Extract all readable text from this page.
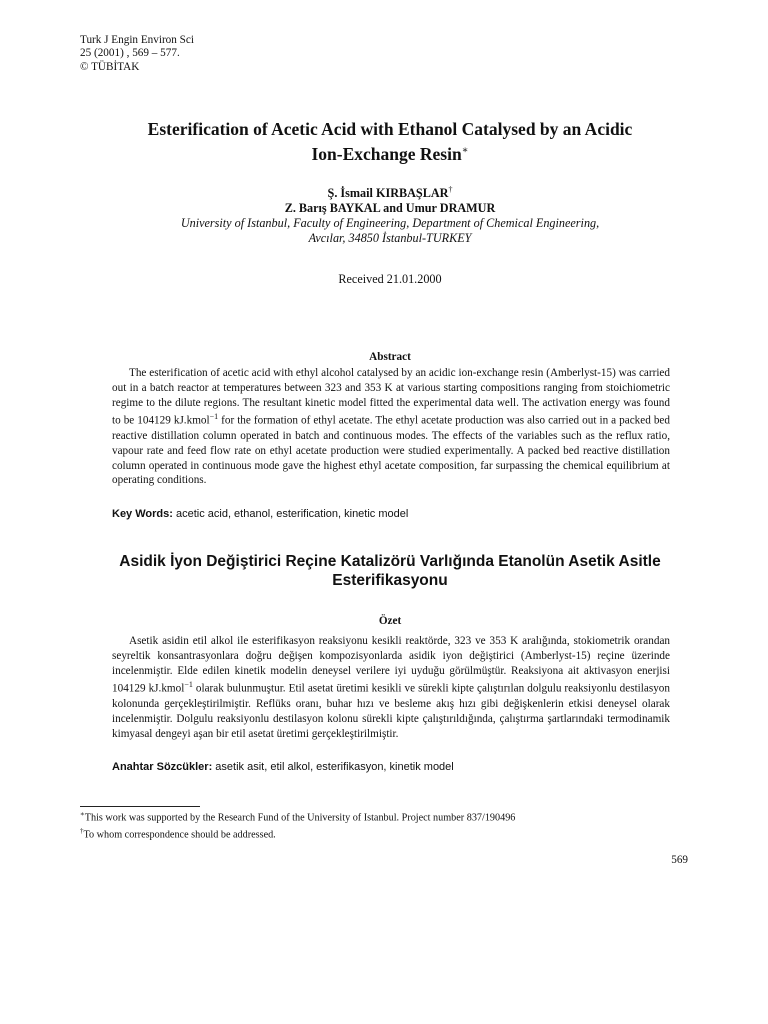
Turk J Engin Environ Sci
25 (2001) , 569 – 577.
© TÜBİTAK
Esterification of Acetic Acid with Ethanol Catalysed by an Acidic
Ion-Exchange Resin∗
Ş. İsmail KIRBAŞLAR†
Z. Barış BAYKAL and Umur DRAMUR
University of Istanbul, Faculty of Engineering, Department of Chemical Engineering,
Avcılar, 34850 İstanbul-TURKEY
Received 21.01.2000
Abstract

The esterification of acetic acid with ethyl alcohol catalysed by an acidic ion-exchange resin (Amberlyst-15) was carried out in a batch reactor at temperatures between 323 and 353 K at various starting compositions ranging from stoichiometric regime to the dilute regions. The resultant kinetic model fitted the experimental data well. The activation energy was found to be 104129 kJ.kmol$^{-1}$ for the formation of ethyl acetate. The ethyl acetate production was also carried out in a packed bed reactive distillation column operated in batch and continuous modes. The effects of the variables such as the reflux ratio, vapour rate and feed flow rate on ethyl acetate production were studied experimentally. A packed bed reactive distillation column operated in continuous mode gave the highest ethyl acetate composition, far surpassing the chemical equilibrium at operating conditions.

Key Words: acetic acid, ethanol, esterification, kinetic model
Asidik İyon Değiştirici Reçine Katalizörü Varlığında Etanolün Asetik Asitle Esterifikasyonu
Özet

Asetik asidin etil alkol ile esterifikasyon reaksiyonu kesikli reaktörde, 323 ve 353 K aralığında, stokiometrik orandan seyreltik konsantrasyonlara doğru değişen kompozisyonlarda asidik iyon değiştirici (Amberlyst-15) reçine üzerinde incelenmiştir. Elde edilen kinetik modelin deneysel verilere iyi uyduğu görülmüştür. Reaksiyona ait aktivasyon enerjisi 104129 kJ.kmol$^{-1}$ olarak bulunmuştur. Etil asetat üretimi kesikli ve sürekli kipte çalıştırılan dolgulu reaksiyonlu destilasyon kolonunda gerçekleştirilmiştir. Reflüks oranı, buhar hızı ve besleme akış hızı gibi değişkenlerin etkisi deneysel olarak incelenmiştir. Dolgulu reaksiyonlu destilasyon kolonu sürekli kipte çalıştırıldığında, çalıştırma şartlarındaki termodinamik kimyasal dengeyi aşan bir etil asetat üretimi gerçekleştirilmiştir.

Anahtar Sözcükler: asetik asit, etil alkol, esterifikasyon, kinetik model
∗This work was supported by the Research Fund of the University of Istanbul. Project number 837/190496
†To whom correspondence should be addressed.
569
